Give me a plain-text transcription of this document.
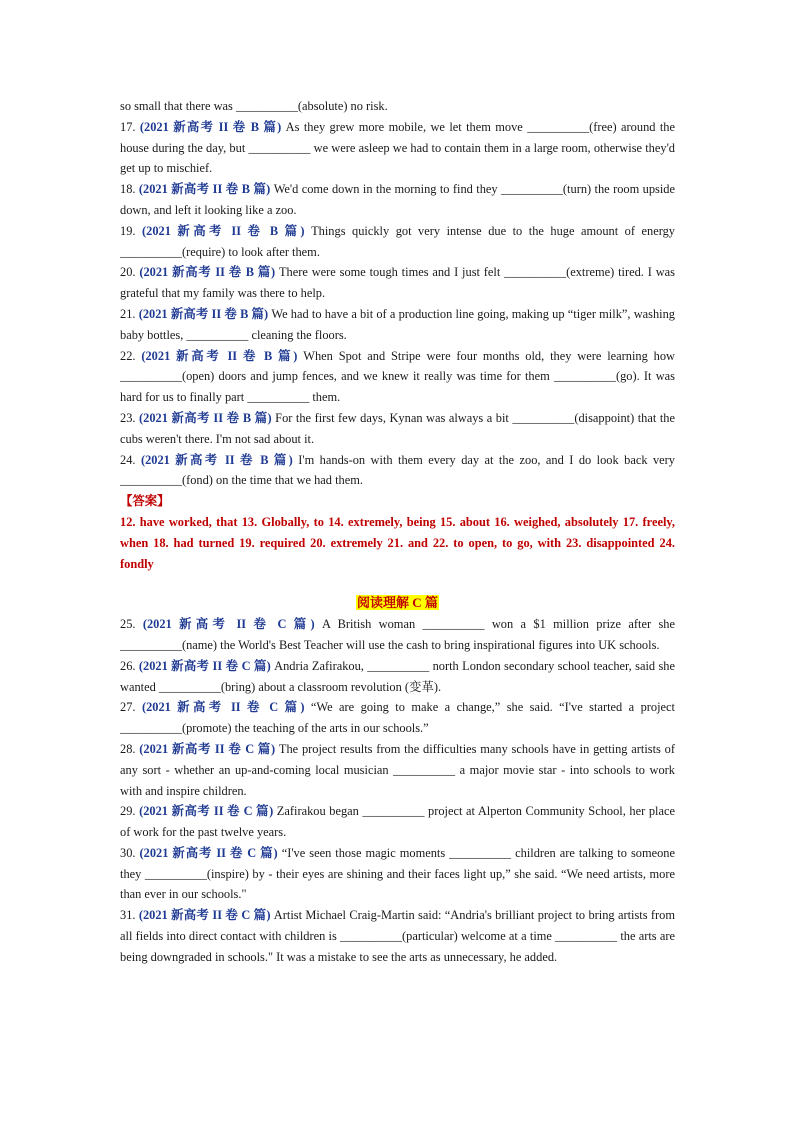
so small that there was __________(absolute) no risk.
17. (2021 新高考 II 卷 B 篇) As they grew more mobile, we let them move __________(free) around the house during the day, but __________ we were asleep we had to contain them in a large room, otherwise they'd get up to mischief.
18. (2021 新高考 II 卷 B 篇) We'd come down in the morning to find they __________(turn) the room upside down, and left it looking like a zoo.
19. (2021 新高考 II 卷 B 篇) Things quickly got very intense due to the huge amount of energy __________(require) to look after them.
20. (2021 新高考 II 卷 B 篇) There were some tough times and I just felt __________(extreme) tired. I was grateful that my family was there to help.
21. (2021 新高考 II 卷 B 篇) We had to have a bit of a production line going, making up “tiger milk”, washing baby bottles, __________ cleaning the floors.
22. (2021 新高考 II 卷 B 篇) When Spot and Stripe were four months old, they were learning how __________(open) doors and jump fences, and we knew it really was time for them __________(go). It was hard for us to finally part __________ them.
23. (2021 新高考 II 卷 B 篇) For the first few days, Kynan was always a bit __________(disappoint) that the cubs weren't there. I'm not sad about it.
24. (2021 新高考 II 卷 B 篇) I'm hands-on with them every day at the zoo, and I do look back very __________(fond) on the time that we had them.
【答案】
12. have worked, that 13. Globally, to 14. extremely, being 15. about 16. weighed, absolutely 17. freely, when 18. had turned 19. required 20. extremely 21. and 22. to open, to go, with 23. disappointed 24. fondly
阅读理解 C 篇
25. (2021 新高考 II 卷 C 篇) A British woman __________ won a $1 million prize after she __________(name) the World's Best Teacher will use the cash to bring inspirational figures into UK schools.
26. (2021 新高考 II 卷 C 篇) Andria Zafirakou, __________ north London secondary school teacher, said she wanted __________(bring) about a classroom revolution (变革).
27. (2021 新高考 II 卷 C 篇) “We are going to make a change,” she said. “I've started a project __________(promote) the teaching of the arts in our schools.”
28. (2021 新高考 II 卷 C 篇) The project results from the difficulties many schools have in getting artists of any sort - whether an up-and-coming local musician __________ a major movie star - into schools to work with and inspire children.
29. (2021 新高考 II 卷 C 篇) Zafirakou began __________ project at Alperton Community School, her place of work for the past twelve years.
30. (2021 新高考 II 卷 C 篇) “I've seen those magic moments __________ children are talking to someone they __________(inspire) by - their eyes are shining and their faces light up,” she said. “We need artists, more than ever in our schools."
31. (2021 新高考 II 卷 C 篇) Artist Michael Craig-Martin said: “Andria's brilliant project to bring artists from all fields into direct contact with children is __________(particular) welcome at a time __________ the arts are being downgraded in schools." It was a mistake to see the arts as unnecessary, he added.
